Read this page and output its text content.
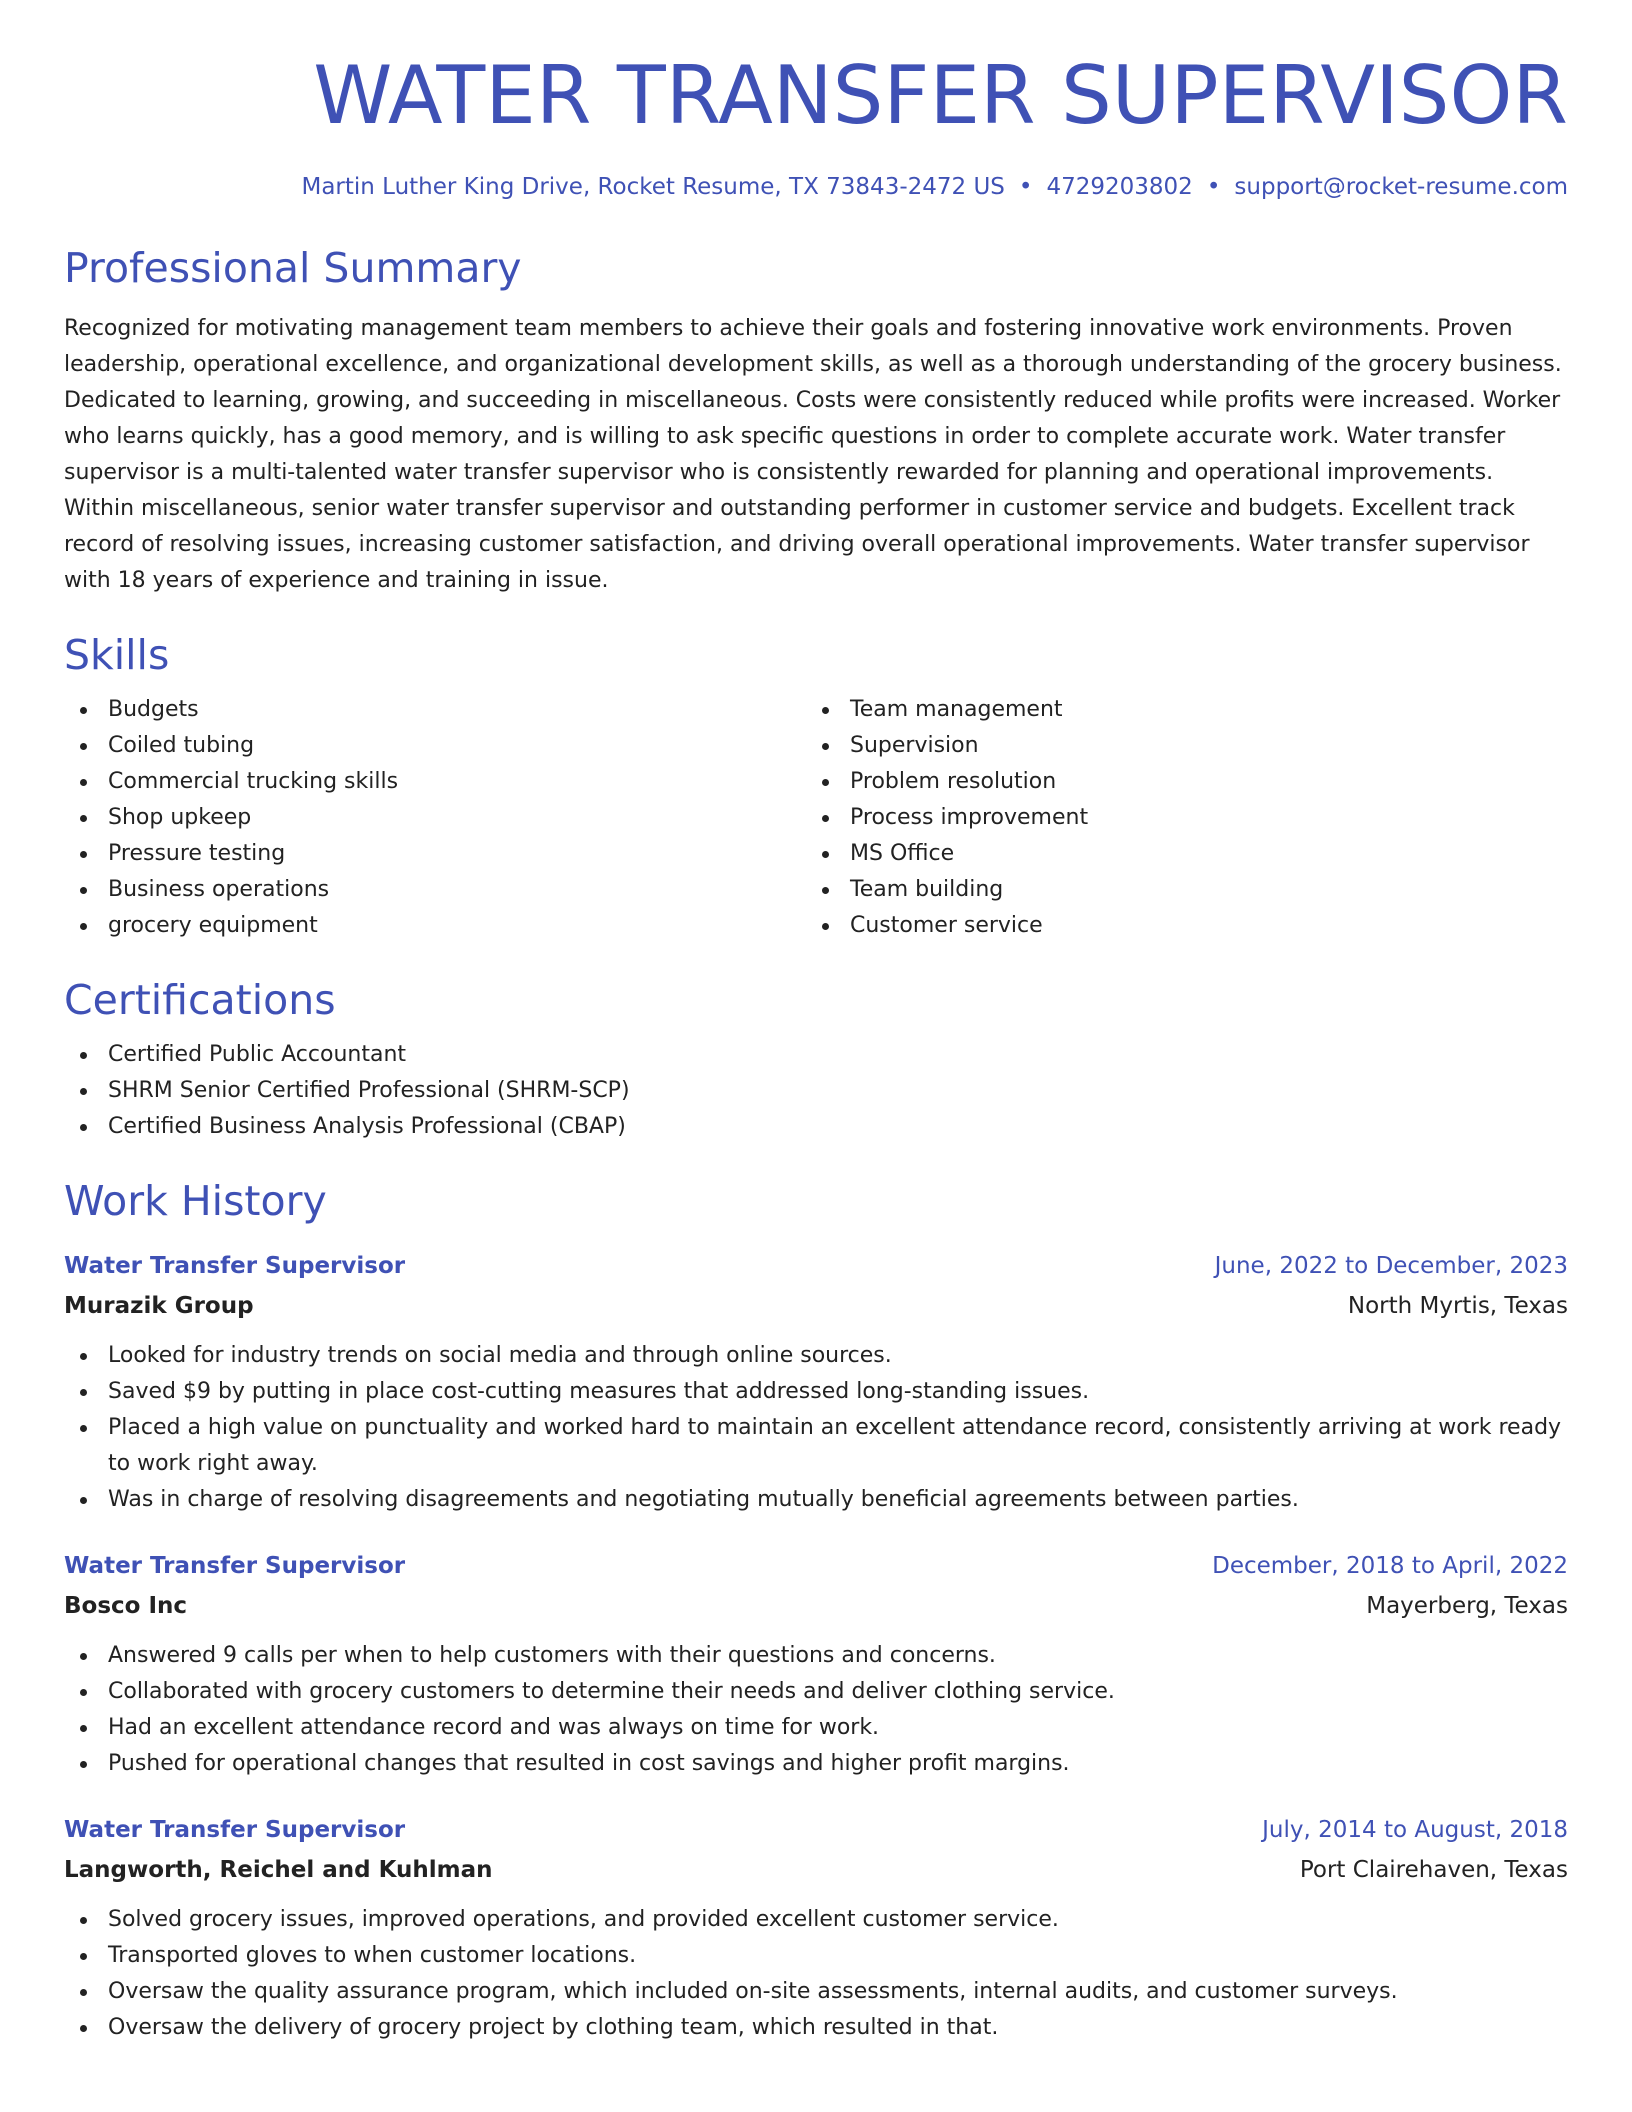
WATER TRANSFER SUPERVISOR
Martin Luther King Drive, Rocket Resume, TX 73843-2472 US • 4729203802 • support@rocket-resume.com
Professional Summary

Recognized for motivating management team members to achieve their goals and fostering innovative work environments. Proven leadership, operational excellence, and organizational development skills, as well as a thorough understanding of the grocery business. Dedicated to learning, growing, and succeeding in miscellaneous. Costs were consistently reduced while profits were increased. Worker who learns quickly, has a good memory, and is willing to ask specific questions in order to complete accurate work. Water transfer supervisor is a multi-talented water transfer supervisor who is consistently rewarded for planning and operational improvements. Within miscellaneous, senior water transfer supervisor and outstanding performer in customer service and budgets. Excellent track record of resolving issues, increasing customer satisfaction, and driving overall operational improvements. Water transfer supervisor with 18 years of experience and training in issue.

Skills
Budgets
Coiled tubing
Commercial trucking skills
Shop upkeep
Pressure testing
Business operations
grocery equipment
Team management
Supervision
Problem resolution
Process improvement
MS Office
Team building
Customer service
Certifications
Certified Public Accountant
SHRM Senior Certified Professional (SHRM-SCP)
Certified Business Analysis Professional (CBAP)
Work History
Water Transfer Supervisor	June, 2022 to December, 2023
Murazik Group	North Myrtis, Texas
Looked for industry trends on social media and through online sources.
Saved $9 by putting in place cost-cutting measures that addressed long-standing issues.
Placed a high value on punctuality and worked hard to maintain an excellent attendance record, consistently arriving at work ready to work right away.
Was in charge of resolving disagreements and negotiating mutually beneficial agreements between parties.
Water Transfer Supervisor	December, 2018 to April, 2022
Bosco Inc	Mayerberg, Texas
Answered 9 calls per when to help customers with their questions and concerns.
Collaborated with grocery customers to determine their needs and deliver clothing service.
Had an excellent attendance record and was always on time for work.
Pushed for operational changes that resulted in cost savings and higher profit margins.
Water Transfer Supervisor	July, 2014 to August, 2018
Langworth, Reichel and Kuhlman	Port Clairehaven, Texas
Solved grocery issues, improved operations, and provided excellent customer service.
Transported gloves to when customer locations.
Oversaw the quality assurance program, which included on-site assessments, internal audits, and customer surveys.
Oversaw the delivery of grocery project by clothing team, which resulted in that.
